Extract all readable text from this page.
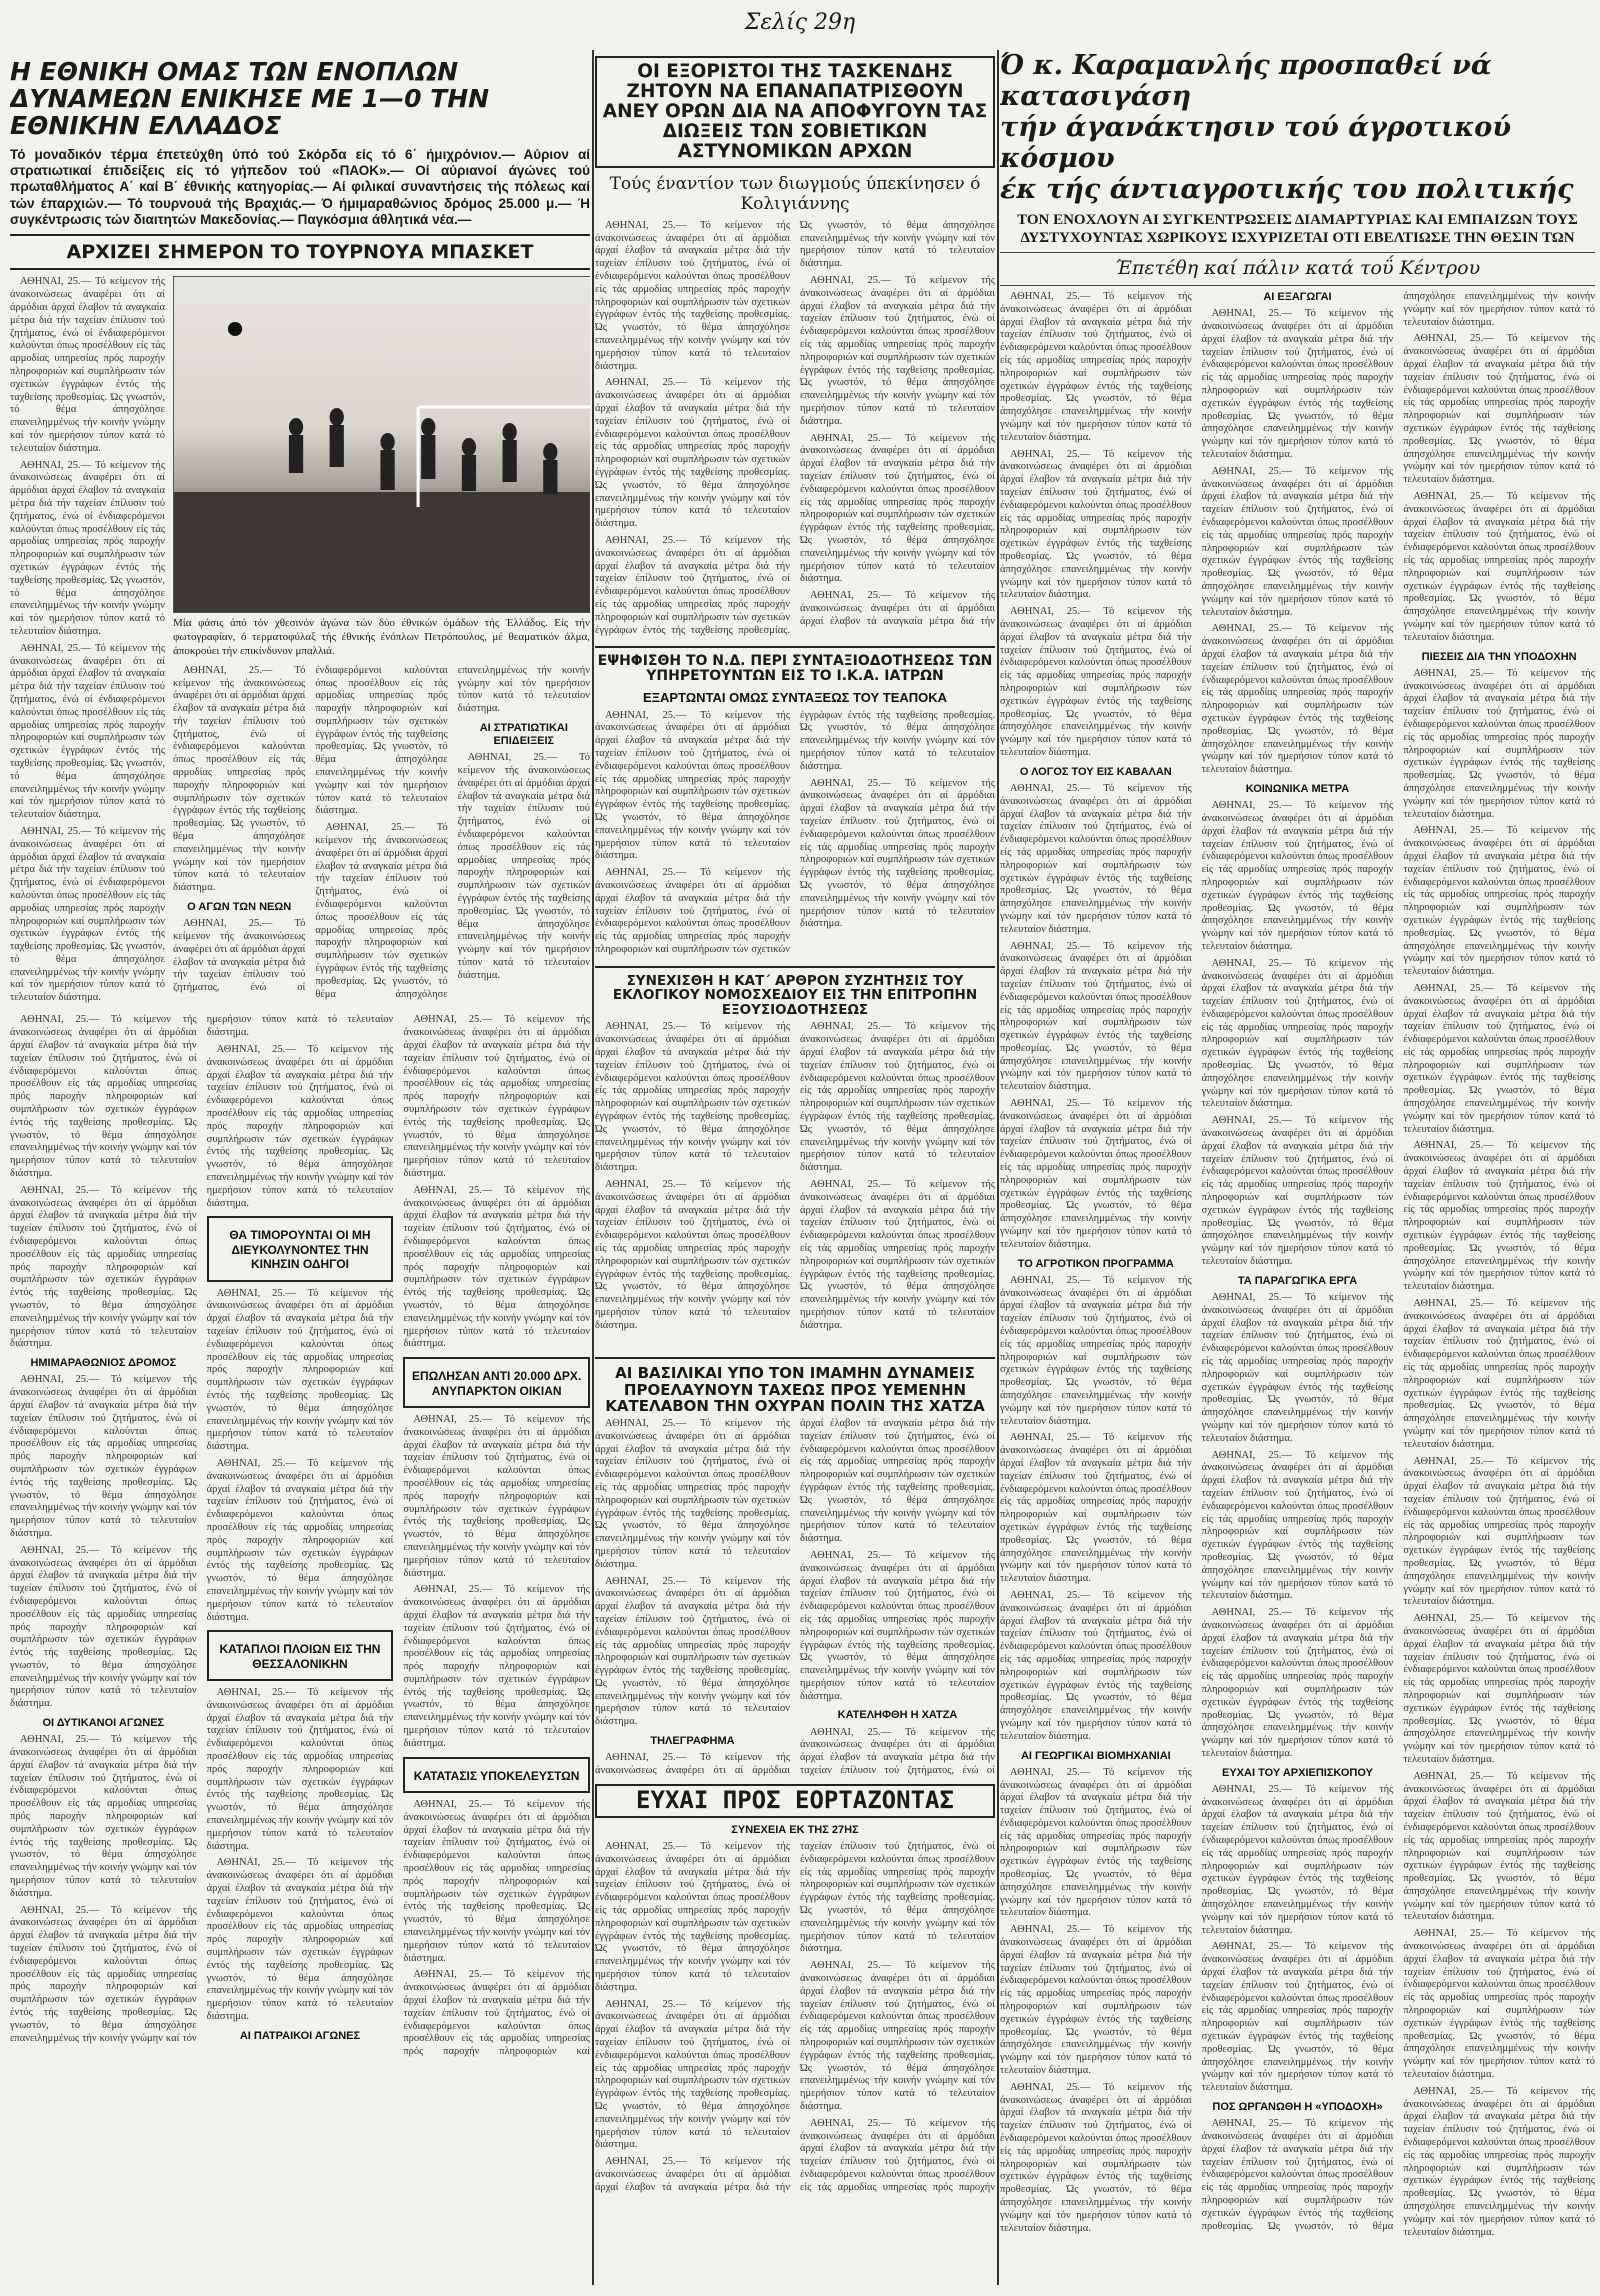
Σελίς 29η
Η ΕΘΝΙΚΗ ΟΜΑΣ ΤΩΝ ΕΝΟΠΛΩΝ ΔΥΝΑΜΕΩΝ ΕΝΙΚΗΣΕ ΜΕ 1—0 ΤΗΝ ΕΘΝΙΚΗΝ ΕΛΛΑΔΟΣ
Τό μοναδικόν τέρμα έπετεύχθη ύπό τού Σκόρδα είς τό 6΄ ήμιχρόνιον.— Αύριον αί στρατιωτικαί έπιδείξεις είς τό γήπεδον τού «ΠΑΟΚ».— Οί αύριανοί άγώνες τού πρωταθλήματος Α΄ καί Β΄ έθνικής κατηγορίας.— Αί φιλικαί συναντήσεις τής πόλεως καί τών έπαρχιών.— Τό τουρνουά τής Βραχιάς.— Ό ήμιμαραθώνιος δρόμος 25.000 μ.— Ή συγκέντρωσις τών διαιτητών Μακεδονίας.— Παγκόσμια άθλητικά νέα.—
ΑΡΧΙΖΕΙ ΣΗΜΕΡΟΝ ΤΟ ΤΟΥΡΝΟΥΑ ΜΠΑΣΚΕΤ

ΑΘΗΝΑΙ, 25.— Τό κείμενον τής άνακοινώσεως άναφέρει ότι αί άρμόδιαι άρχαί έλαβον τά αναγκαία μέτρα διά τήν ταχείαν έπίλυσιν τού ζητήματος, ένώ οί ένδιαφερόμενοι καλούνται όπως προσέλθουν είς τάς αρμοδίας υπηρεσίας πρός παροχήν πληροφοριών καί συμπλήρωσιν τών σχετικών έγγράφων έντός τής ταχθείσης προθεσμίας. Ώς γνωστόν, τό θέμα άπησχόλησε επανειλημμένως τήν κοινήν γνώμην καί τόν ημερήσιον τύπον κατά τό τελευταίον διάστημα.

ΑΘΗΝΑΙ, 25.— Τό κείμενον τής άνακοινώσεως άναφέρει ότι αί άρμόδιαι άρχαί έλαβον τά αναγκαία μέτρα διά τήν ταχείαν έπίλυσιν τού ζητήματος, ένώ οί ένδιαφερόμενοι καλούνται όπως προσέλθουν είς τάς αρμοδίας υπηρεσίας πρός παροχήν πληροφοριών καί συμπλήρωσιν τών σχετικών έγγράφων έντός τής ταχθείσης προθεσμίας. Ώς γνωστόν, τό θέμα άπησχόλησε επανειλημμένως τήν κοινήν γνώμην καί τόν ημερήσιον τύπον κατά τό τελευταίον διάστημα.

ΑΘΗΝΑΙ, 25.— Τό κείμενον τής άνακοινώσεως άναφέρει ότι αί άρμόδιαι άρχαί έλαβον τά αναγκαία μέτρα διά τήν ταχείαν έπίλυσιν τού ζητήματος, ένώ οί ένδιαφερόμενοι καλούνται όπως προσέλθουν είς τάς αρμοδίας υπηρεσίας πρός παροχήν πληροφοριών καί συμπλήρωσιν τών σχετικών έγγράφων έντός τής ταχθείσης προθεσμίας. Ώς γνωστόν, τό θέμα άπησχόλησε επανειλημμένως τήν κοινήν γνώμην καί τόν ημερήσιον τύπον κατά τό τελευταίον διάστημα.

ΑΘΗΝΑΙ, 25.— Τό κείμενον τής άνακοινώσεως άναφέρει ότι αί άρμόδιαι άρχαί έλαβον τά αναγκαία μέτρα διά τήν ταχείαν έπίλυσιν τού ζητήματος, ένώ οί ένδιαφερόμενοι καλούνται όπως προσέλθουν είς τάς αρμοδίας υπηρεσίας πρός παροχήν πληροφοριών καί συμπλήρωσιν τών σχετικών έγγράφων έντός τής ταχθείσης προθεσμίας. Ώς γνωστόν, τό θέμα άπησχόλησε επανειλημμένως τήν κοινήν γνώμην καί τόν ημερήσιον τύπον κατά τό τελευταίον διάστημα.

Μία φάσις άπό τόν χθεσινόν άγώνα τών δύο έθνικών όμάδων τής Έλλάδος. Είς τήν φωτογραφίαν, ό τερματοφύλαξ τής έθνικής ένόπλων Πετρόπουλος, μέ θεαματικόν άλμα, άποκρούει τήν επικίνδυνον μπαλλιά.

ΑΘΗΝΑΙ, 25.— Τό κείμενον τής άνακοινώσεως άναφέρει ότι αί άρμόδιαι άρχαί έλαβον τά αναγκαία μέτρα διά τήν ταχείαν έπίλυσιν τού ζητήματος, ένώ οί ένδιαφερόμενοι καλούνται όπως προσέλθουν είς τάς αρμοδίας υπηρεσίας πρός παροχήν πληροφοριών καί συμπλήρωσιν τών σχετικών έγγράφων έντός τής ταχθείσης προθεσμίας. Ώς γνωστόν, τό θέμα άπησχόλησε επανειλημμένως τήν κοινήν γνώμην καί τόν ημερήσιον τύπον κατά τό τελευταίον διάστημα.

Ο ΑΓΩΝ ΤΩΝ ΝΕΩΝ

ΑΘΗΝΑΙ, 25.— Τό κείμενον τής άνακοινώσεως άναφέρει ότι αί άρμόδιαι άρχαί έλαβον τά αναγκαία μέτρα διά τήν ταχείαν έπίλυσιν τού ζητήματος, ένώ οί ένδιαφερόμενοι καλούνται όπως προσέλθουν είς τάς αρμοδίας υπηρεσίας πρός παροχήν πληροφοριών καί συμπλήρωσιν τών σχετικών έγγράφων έντός τής ταχθείσης προθεσμίας. Ώς γνωστόν, τό θέμα άπησχόλησε επανειλημμένως τήν κοινήν γνώμην καί τόν ημερήσιον τύπον κατά τό τελευταίον διάστημα.

ΑΘΗΝΑΙ, 25.— Τό κείμενον τής άνακοινώσεως άναφέρει ότι αί άρμόδιαι άρχαί έλαβον τά αναγκαία μέτρα διά τήν ταχείαν έπίλυσιν τού ζητήματος, ένώ οί ένδιαφερόμενοι καλούνται όπως προσέλθουν είς τάς αρμοδίας υπηρεσίας πρός παροχήν πληροφοριών καί συμπλήρωσιν τών σχετικών έγγράφων έντός τής ταχθείσης προθεσμίας. Ώς γνωστόν, τό θέμα άπησχόλησε επανειλημμένως τήν κοινήν γνώμην καί τόν ημερήσιον τύπον κατά τό τελευταίον διάστημα.

ΑΙ ΣΤΡΑΤΙΩΤΙΚΑΙ ΕΠΙΔΕΙΞΕΙΣ

ΑΘΗΝΑΙ, 25.— Τό κείμενον τής άνακοινώσεως άναφέρει ότι αί άρμόδιαι άρχαί έλαβον τά αναγκαία μέτρα διά τήν ταχείαν έπίλυσιν τού ζητήματος, ένώ οί ένδιαφερόμενοι καλούνται όπως προσέλθουν είς τάς αρμοδίας υπηρεσίας πρός παροχήν πληροφοριών καί συμπλήρωσιν τών σχετικών έγγράφων έντός τής ταχθείσης προθεσμίας. Ώς γνωστόν, τό θέμα άπησχόλησε επανειλημμένως τήν κοινήν γνώμην καί τόν ημερήσιον τύπον κατά τό τελευταίον διάστημα.

ΑΘΗΝΑΙ, 25.— Τό κείμενον τής άνακοινώσεως άναφέρει ότι αί άρμόδιαι άρχαί έλαβον τά αναγκαία μέτρα διά τήν ταχείαν έπίλυσιν τού ζητήματος, ένώ οί ένδιαφερόμενοι καλούνται όπως προσέλθουν είς τάς αρμοδίας υπηρεσίας πρός παροχήν πληροφοριών καί συμπλήρωσιν τών σχετικών έγγράφων έντός τής ταχθείσης προθεσμίας. Ώς γνωστόν, τό θέμα άπησχόλησε επανειλημμένως τήν κοινήν γνώμην καί τόν ημερήσιον τύπον κατά τό τελευταίον διάστημα.

ΑΘΗΝΑΙ, 25.— Τό κείμενον τής άνακοινώσεως άναφέρει ότι αί άρμόδιαι άρχαί έλαβον τά αναγκαία μέτρα διά τήν ταχείαν έπίλυσιν τού ζητήματος, ένώ οί ένδιαφερόμενοι καλούνται όπως προσέλθουν είς τάς αρμοδίας υπηρεσίας πρός παροχήν πληροφοριών καί συμπλήρωσιν τών σχετικών έγγράφων έντός τής ταχθείσης προθεσμίας. Ώς γνωστόν, τό θέμα άπησχόλησε επανειλημμένως τήν κοινήν γνώμην καί τόν ημερήσιον τύπον κατά τό τελευταίον διάστημα.

ΗΜΙΜΑΡΑΘΩΝΙΟΣ ΔΡΟΜΟΣ

ΑΘΗΝΑΙ, 25.— Τό κείμενον τής άνακοινώσεως άναφέρει ότι αί άρμόδιαι άρχαί έλαβον τά αναγκαία μέτρα διά τήν ταχείαν έπίλυσιν τού ζητήματος, ένώ οί ένδιαφερόμενοι καλούνται όπως προσέλθουν είς τάς αρμοδίας υπηρεσίας πρός παροχήν πληροφοριών καί συμπλήρωσιν τών σχετικών έγγράφων έντός τής ταχθείσης προθεσμίας. Ώς γνωστόν, τό θέμα άπησχόλησε επανειλημμένως τήν κοινήν γνώμην καί τόν ημερήσιον τύπον κατά τό τελευταίον διάστημα.

ΑΘΗΝΑΙ, 25.— Τό κείμενον τής άνακοινώσεως άναφέρει ότι αί άρμόδιαι άρχαί έλαβον τά αναγκαία μέτρα διά τήν ταχείαν έπίλυσιν τού ζητήματος, ένώ οί ένδιαφερόμενοι καλούνται όπως προσέλθουν είς τάς αρμοδίας υπηρεσίας πρός παροχήν πληροφοριών καί συμπλήρωσιν τών σχετικών έγγράφων έντός τής ταχθείσης προθεσμίας. Ώς γνωστόν, τό θέμα άπησχόλησε επανειλημμένως τήν κοινήν γνώμην καί τόν ημερήσιον τύπον κατά τό τελευταίον διάστημα.

ΟΙ ΔΥΤΙΚΑΝΟΙ ΑΓΩΝΕΣ

ΑΘΗΝΑΙ, 25.— Τό κείμενον τής άνακοινώσεως άναφέρει ότι αί άρμόδιαι άρχαί έλαβον τά αναγκαία μέτρα διά τήν ταχείαν έπίλυσιν τού ζητήματος, ένώ οί ένδιαφερόμενοι καλούνται όπως προσέλθουν είς τάς αρμοδίας υπηρεσίας πρός παροχήν πληροφοριών καί συμπλήρωσιν τών σχετικών έγγράφων έντός τής ταχθείσης προθεσμίας. Ώς γνωστόν, τό θέμα άπησχόλησε επανειλημμένως τήν κοινήν γνώμην καί τόν ημερήσιον τύπον κατά τό τελευταίον διάστημα.

ΑΘΗΝΑΙ, 25.— Τό κείμενον τής άνακοινώσεως άναφέρει ότι αί άρμόδιαι άρχαί έλαβον τά αναγκαία μέτρα διά τήν ταχείαν έπίλυσιν τού ζητήματος, ένώ οί ένδιαφερόμενοι καλούνται όπως προσέλθουν είς τάς αρμοδίας υπηρεσίας πρός παροχήν πληροφοριών καί συμπλήρωσιν τών σχετικών έγγράφων έντός τής ταχθείσης προθεσμίας. Ώς γνωστόν, τό θέμα άπησχόλησε επανειλημμένως τήν κοινήν γνώμην καί τόν ημερήσιον τύπον κατά τό τελευταίον διάστημα.

ΑΘΗΝΑΙ, 25.— Τό κείμενον τής άνακοινώσεως άναφέρει ότι αί άρμόδιαι άρχαί έλαβον τά αναγκαία μέτρα διά τήν ταχείαν έπίλυσιν τού ζητήματος, ένώ οί ένδιαφερόμενοι καλούνται όπως προσέλθουν είς τάς αρμοδίας υπηρεσίας πρός παροχήν πληροφοριών καί συμπλήρωσιν τών σχετικών έγγράφων έντός τής ταχθείσης προθεσμίας. Ώς γνωστόν, τό θέμα άπησχόλησε επανειλημμένως τήν κοινήν γνώμην καί τόν ημερήσιον τύπον κατά τό τελευταίον διάστημα.

ΘΑ ΤΙΜΟΡΟΥΝΤΑΙ ΟΙ ΜΗ ΔΙΕΥΚΟΛΥΝΟΝΤΕΣ ΤΗΝ ΚΙΝΗΣΙΝ ΟΔΗΓΟΙ

ΑΘΗΝΑΙ, 25.— Τό κείμενον τής άνακοινώσεως άναφέρει ότι αί άρμόδιαι άρχαί έλαβον τά αναγκαία μέτρα διά τήν ταχείαν έπίλυσιν τού ζητήματος, ένώ οί ένδιαφερόμενοι καλούνται όπως προσέλθουν είς τάς αρμοδίας υπηρεσίας πρός παροχήν πληροφοριών καί συμπλήρωσιν τών σχετικών έγγράφων έντός τής ταχθείσης προθεσμίας. Ώς γνωστόν, τό θέμα άπησχόλησε επανειλημμένως τήν κοινήν γνώμην καί τόν ημερήσιον τύπον κατά τό τελευταίον διάστημα.

ΑΘΗΝΑΙ, 25.— Τό κείμενον τής άνακοινώσεως άναφέρει ότι αί άρμόδιαι άρχαί έλαβον τά αναγκαία μέτρα διά τήν ταχείαν έπίλυσιν τού ζητήματος, ένώ οί ένδιαφερόμενοι καλούνται όπως προσέλθουν είς τάς αρμοδίας υπηρεσίας πρός παροχήν πληροφοριών καί συμπλήρωσιν τών σχετικών έγγράφων έντός τής ταχθείσης προθεσμίας. Ώς γνωστόν, τό θέμα άπησχόλησε επανειλημμένως τήν κοινήν γνώμην καί τόν ημερήσιον τύπον κατά τό τελευταίον διάστημα.

ΚΑΤΑΠΛΟΙ ΠΛΟΙΩΝ ΕΙΣ ΤΗΝ ΘΕΣΣΑΛΟΝΙΚΗΝ

ΑΘΗΝΑΙ, 25.— Τό κείμενον τής άνακοινώσεως άναφέρει ότι αί άρμόδιαι άρχαί έλαβον τά αναγκαία μέτρα διά τήν ταχείαν έπίλυσιν τού ζητήματος, ένώ οί ένδιαφερόμενοι καλούνται όπως προσέλθουν είς τάς αρμοδίας υπηρεσίας πρός παροχήν πληροφοριών καί συμπλήρωσιν τών σχετικών έγγράφων έντός τής ταχθείσης προθεσμίας. Ώς γνωστόν, τό θέμα άπησχόλησε επανειλημμένως τήν κοινήν γνώμην καί τόν ημερήσιον τύπον κατά τό τελευταίον διάστημα.

ΑΘΗΝΑΙ, 25.— Τό κείμενον τής άνακοινώσεως άναφέρει ότι αί άρμόδιαι άρχαί έλαβον τά αναγκαία μέτρα διά τήν ταχείαν έπίλυσιν τού ζητήματος, ένώ οί ένδιαφερόμενοι καλούνται όπως προσέλθουν είς τάς αρμοδίας υπηρεσίας πρός παροχήν πληροφοριών καί συμπλήρωσιν τών σχετικών έγγράφων έντός τής ταχθείσης προθεσμίας. Ώς γνωστόν, τό θέμα άπησχόλησε επανειλημμένως τήν κοινήν γνώμην καί τόν ημερήσιον τύπον κατά τό τελευταίον διάστημα.

ΑΙ ΠΑΤΡΑΙΚΟΙ ΑΓΩΝΕΣ

ΑΘΗΝΑΙ, 25.— Τό κείμενον τής άνακοινώσεως άναφέρει ότι αί άρμόδιαι άρχαί έλαβον τά αναγκαία μέτρα διά τήν ταχείαν έπίλυσιν τού ζητήματος, ένώ οί ένδιαφερόμενοι καλούνται όπως προσέλθουν είς τάς αρμοδίας υπηρεσίας πρός παροχήν πληροφοριών καί συμπλήρωσιν τών σχετικών έγγράφων έντός τής ταχθείσης προθεσμίας. Ώς γνωστόν, τό θέμα άπησχόλησε επανειλημμένως τήν κοινήν γνώμην καί τόν ημερήσιον τύπον κατά τό τελευταίον διάστημα.

ΑΘΗΝΑΙ, 25.— Τό κείμενον τής άνακοινώσεως άναφέρει ότι αί άρμόδιαι άρχαί έλαβον τά αναγκαία μέτρα διά τήν ταχείαν έπίλυσιν τού ζητήματος, ένώ οί ένδιαφερόμενοι καλούνται όπως προσέλθουν είς τάς αρμοδίας υπηρεσίας πρός παροχήν πληροφοριών καί συμπλήρωσιν τών σχετικών έγγράφων έντός τής ταχθείσης προθεσμίας. Ώς γνωστόν, τό θέμα άπησχόλησε επανειλημμένως τήν κοινήν γνώμην καί τόν ημερήσιον τύπον κατά τό τελευταίον διάστημα.

ΕΠΩΛΗΣΑΝ ΑΝΤΙ 20.000 ΔΡΧ. ΑΝΥΠΑΡΚΤΟΝ ΟΙΚΙΑΝ

ΑΘΗΝΑΙ, 25.— Τό κείμενον τής άνακοινώσεως άναφέρει ότι αί άρμόδιαι άρχαί έλαβον τά αναγκαία μέτρα διά τήν ταχείαν έπίλυσιν τού ζητήματος, ένώ οί ένδιαφερόμενοι καλούνται όπως προσέλθουν είς τάς αρμοδίας υπηρεσίας πρός παροχήν πληροφοριών καί συμπλήρωσιν τών σχετικών έγγράφων έντός τής ταχθείσης προθεσμίας. Ώς γνωστόν, τό θέμα άπησχόλησε επανειλημμένως τήν κοινήν γνώμην καί τόν ημερήσιον τύπον κατά τό τελευταίον διάστημα.

ΑΘΗΝΑΙ, 25.— Τό κείμενον τής άνακοινώσεως άναφέρει ότι αί άρμόδιαι άρχαί έλαβον τά αναγκαία μέτρα διά τήν ταχείαν έπίλυσιν τού ζητήματος, ένώ οί ένδιαφερόμενοι καλούνται όπως προσέλθουν είς τάς αρμοδίας υπηρεσίας πρός παροχήν πληροφοριών καί συμπλήρωσιν τών σχετικών έγγράφων έντός τής ταχθείσης προθεσμίας. Ώς γνωστόν, τό θέμα άπησχόλησε επανειλημμένως τήν κοινήν γνώμην καί τόν ημερήσιον τύπον κατά τό τελευταίον διάστημα.

ΚΑΤΑΤΑΣΙΣ ΥΠΟΚΕΛΕΥΣΤΩΝ

ΑΘΗΝΑΙ, 25.— Τό κείμενον τής άνακοινώσεως άναφέρει ότι αί άρμόδιαι άρχαί έλαβον τά αναγκαία μέτρα διά τήν ταχείαν έπίλυσιν τού ζητήματος, ένώ οί ένδιαφερόμενοι καλούνται όπως προσέλθουν είς τάς αρμοδίας υπηρεσίας πρός παροχήν πληροφοριών καί συμπλήρωσιν τών σχετικών έγγράφων έντός τής ταχθείσης προθεσμίας. Ώς γνωστόν, τό θέμα άπησχόλησε επανειλημμένως τήν κοινήν γνώμην καί τόν ημερήσιον τύπον κατά τό τελευταίον διάστημα.

ΑΘΗΝΑΙ, 25.— Τό κείμενον τής άνακοινώσεως άναφέρει ότι αί άρμόδιαι άρχαί έλαβον τά αναγκαία μέτρα διά τήν ταχείαν έπίλυσιν τού ζητήματος, ένώ οί ένδιαφερόμενοι καλούνται όπως προσέλθουν είς τάς αρμοδίας υπηρεσίας πρός παροχήν πληροφοριών καί

ΟΙ ΕΞΟΡΙΣΤΟΙ ΤΗΣ ΤΑΣΚΕΝΔΗΣ ΖΗΤΟΥΝ ΝΑ ΕΠΑΝΑΠΑΤΡΙΣΘΟΥΝ ΑΝΕΥ ΟΡΩΝ ΔΙΑ ΝΑ ΑΠΟΦΥΓΟΥΝ ΤΑΣ ΔΙΩΞΕΙΣ ΤΩΝ ΣΟΒΙΕΤΙΚΩΝ ΑΣΤΥΝΟΜΙΚΩΝ ΑΡΧΩΝ
Τούς έναντίον των διωγμούς ύπεκίνησεν ό Κολιγιάννης

ΑΘΗΝΑΙ, 25.— Τό κείμενον τής άνακοινώσεως άναφέρει ότι αί άρμόδιαι άρχαί έλαβον τά αναγκαία μέτρα διά τήν ταχείαν έπίλυσιν τού ζητήματος, ένώ οί ένδιαφερόμενοι καλούνται όπως προσέλθουν είς τάς αρμοδίας υπηρεσίας πρός παροχήν πληροφοριών καί συμπλήρωσιν τών σχετικών έγγράφων έντός τής ταχθείσης προθεσμίας. Ώς γνωστόν, τό θέμα άπησχόλησε επανειλημμένως τήν κοινήν γνώμην καί τόν ημερήσιον τύπον κατά τό τελευταίον διάστημα.

ΑΘΗΝΑΙ, 25.— Τό κείμενον τής άνακοινώσεως άναφέρει ότι αί άρμόδιαι άρχαί έλαβον τά αναγκαία μέτρα διά τήν ταχείαν έπίλυσιν τού ζητήματος, ένώ οί ένδιαφερόμενοι καλούνται όπως προσέλθουν είς τάς αρμοδίας υπηρεσίας πρός παροχήν πληροφοριών καί συμπλήρωσιν τών σχετικών έγγράφων έντός τής ταχθείσης προθεσμίας. Ώς γνωστόν, τό θέμα άπησχόλησε επανειλημμένως τήν κοινήν γνώμην καί τόν ημερήσιον τύπον κατά τό τελευταίον διάστημα.

ΑΘΗΝΑΙ, 25.— Τό κείμενον τής άνακοινώσεως άναφέρει ότι αί άρμόδιαι άρχαί έλαβον τά αναγκαία μέτρα διά τήν ταχείαν έπίλυσιν τού ζητήματος, ένώ οί ένδιαφερόμενοι καλούνται όπως προσέλθουν είς τάς αρμοδίας υπηρεσίας πρός παροχήν πληροφοριών καί συμπλήρωσιν τών σχετικών έγγράφων έντός τής ταχθείσης προθεσμίας. Ώς γνωστόν, τό θέμα άπησχόλησε επανειλημμένως τήν κοινήν γνώμην καί τόν ημερήσιον τύπον κατά τό τελευταίον διάστημα.

ΑΘΗΝΑΙ, 25.— Τό κείμενον τής άνακοινώσεως άναφέρει ότι αί άρμόδιαι άρχαί έλαβον τά αναγκαία μέτρα διά τήν ταχείαν έπίλυσιν τού ζητήματος, ένώ οί ένδιαφερόμενοι καλούνται όπως προσέλθουν είς τάς αρμοδίας υπηρεσίας πρός παροχήν πληροφοριών καί συμπλήρωσιν τών σχετικών έγγράφων έντός τής ταχθείσης προθεσμίας. Ώς γνωστόν, τό θέμα άπησχόλησε επανειλημμένως τήν κοινήν γνώμην καί τόν ημερήσιον τύπον κατά τό τελευταίον διάστημα.

ΑΘΗΝΑΙ, 25.— Τό κείμενον τής άνακοινώσεως άναφέρει ότι αί άρμόδιαι άρχαί έλαβον τά αναγκαία μέτρα διά τήν ταχείαν έπίλυσιν τού ζητήματος, ένώ οί ένδιαφερόμενοι καλούνται όπως προσέλθουν είς τάς αρμοδίας υπηρεσίας πρός παροχήν πληροφοριών καί συμπλήρωσιν τών σχετικών έγγράφων έντός τής ταχθείσης προθεσμίας. Ώς γνωστόν, τό θέμα άπησχόλησε επανειλημμένως τήν κοινήν γνώμην καί τόν ημερήσιον τύπον κατά τό τελευταίον διάστημα.

ΑΘΗΝΑΙ, 25.— Τό κείμενον τής άνακοινώσεως άναφέρει ότι αί άρμόδιαι άρχαί έλαβον τά αναγκαία μέτρα διά τήν

ΕΨΗΦΙΣΘΗ ΤΟ Ν.Δ. ΠΕΡΙ ΣΥΝΤΑΞΙΟΔΟΤΗΣΕΩΣ ΤΩΝ ΥΠΗΡΕΤΟΥΝΤΩΝ ΕΙΣ ΤΟ Ι.Κ.Α. ΙΑΤΡΩΝ
ΕΞΑΡΤΩΝΤΑΙ ΟΜΩΣ ΣΥΝΤΑΞΕΩΣ ΤΟΥ ΤΕΑΠΟΚΑ

ΑΘΗΝΑΙ, 25.— Τό κείμενον τής άνακοινώσεως άναφέρει ότι αί άρμόδιαι άρχαί έλαβον τά αναγκαία μέτρα διά τήν ταχείαν έπίλυσιν τού ζητήματος, ένώ οί ένδιαφερόμενοι καλούνται όπως προσέλθουν είς τάς αρμοδίας υπηρεσίας πρός παροχήν πληροφοριών καί συμπλήρωσιν τών σχετικών έγγράφων έντός τής ταχθείσης προθεσμίας. Ώς γνωστόν, τό θέμα άπησχόλησε επανειλημμένως τήν κοινήν γνώμην καί τόν ημερήσιον τύπον κατά τό τελευταίον διάστημα.

ΑΘΗΝΑΙ, 25.— Τό κείμενον τής άνακοινώσεως άναφέρει ότι αί άρμόδιαι άρχαί έλαβον τά αναγκαία μέτρα διά τήν ταχείαν έπίλυσιν τού ζητήματος, ένώ οί ένδιαφερόμενοι καλούνται όπως προσέλθουν είς τάς αρμοδίας υπηρεσίας πρός παροχήν πληροφοριών καί συμπλήρωσιν τών σχετικών έγγράφων έντός τής ταχθείσης προθεσμίας. Ώς γνωστόν, τό θέμα άπησχόλησε επανειλημμένως τήν κοινήν γνώμην καί τόν ημερήσιον τύπον κατά τό τελευταίον διάστημα.

ΑΘΗΝΑΙ, 25.— Τό κείμενον τής άνακοινώσεως άναφέρει ότι αί άρμόδιαι άρχαί έλαβον τά αναγκαία μέτρα διά τήν ταχείαν έπίλυσιν τού ζητήματος, ένώ οί ένδιαφερόμενοι καλούνται όπως προσέλθουν είς τάς αρμοδίας υπηρεσίας πρός παροχήν πληροφοριών καί συμπλήρωσιν τών σχετικών έγγράφων έντός τής ταχθείσης προθεσμίας. Ώς γνωστόν, τό θέμα άπησχόλησε επανειλημμένως τήν κοινήν γνώμην καί τόν ημερήσιον τύπον κατά τό τελευταίον διάστημα.

ΣΥΝΕΧΙΣΘΗ Η ΚΑΤ΄ ΑΡΘΡΟΝ ΣΥΖΗΤΗΣΙΣ ΤΟΥ ΕΚΛΟΓΙΚΟΥ ΝΟΜΟΣΧΕΔΙΟΥ ΕΙΣ ΤΗΝ ΕΠΙΤΡΟΠΗΝ ΕΞΟΥΣΙΟΔΟΤΗΣΕΩΣ

ΑΘΗΝΑΙ, 25.— Τό κείμενον τής άνακοινώσεως άναφέρει ότι αί άρμόδιαι άρχαί έλαβον τά αναγκαία μέτρα διά τήν ταχείαν έπίλυσιν τού ζητήματος, ένώ οί ένδιαφερόμενοι καλούνται όπως προσέλθουν είς τάς αρμοδίας υπηρεσίας πρός παροχήν πληροφοριών καί συμπλήρωσιν τών σχετικών έγγράφων έντός τής ταχθείσης προθεσμίας. Ώς γνωστόν, τό θέμα άπησχόλησε επανειλημμένως τήν κοινήν γνώμην καί τόν ημερήσιον τύπον κατά τό τελευταίον διάστημα.

ΑΘΗΝΑΙ, 25.— Τό κείμενον τής άνακοινώσεως άναφέρει ότι αί άρμόδιαι άρχαί έλαβον τά αναγκαία μέτρα διά τήν ταχείαν έπίλυσιν τού ζητήματος, ένώ οί ένδιαφερόμενοι καλούνται όπως προσέλθουν είς τάς αρμοδίας υπηρεσίας πρός παροχήν πληροφοριών καί συμπλήρωσιν τών σχετικών έγγράφων έντός τής ταχθείσης προθεσμίας. Ώς γνωστόν, τό θέμα άπησχόλησε επανειλημμένως τήν κοινήν γνώμην καί τόν ημερήσιον τύπον κατά τό τελευταίον διάστημα.

ΑΘΗΝΑΙ, 25.— Τό κείμενον τής άνακοινώσεως άναφέρει ότι αί άρμόδιαι άρχαί έλαβον τά αναγκαία μέτρα διά τήν ταχείαν έπίλυσιν τού ζητήματος, ένώ οί ένδιαφερόμενοι καλούνται όπως προσέλθουν είς τάς αρμοδίας υπηρεσίας πρός παροχήν πληροφοριών καί συμπλήρωσιν τών σχετικών έγγράφων έντός τής ταχθείσης προθεσμίας. Ώς γνωστόν, τό θέμα άπησχόλησε επανειλημμένως τήν κοινήν γνώμην καί τόν ημερήσιον τύπον κατά τό τελευταίον διάστημα.

ΑΘΗΝΑΙ, 25.— Τό κείμενον τής άνακοινώσεως άναφέρει ότι αί άρμόδιαι άρχαί έλαβον τά αναγκαία μέτρα διά τήν ταχείαν έπίλυσιν τού ζητήματος, ένώ οί ένδιαφερόμενοι καλούνται όπως προσέλθουν είς τάς αρμοδίας υπηρεσίας πρός παροχήν πληροφοριών καί συμπλήρωσιν τών σχετικών έγγράφων έντός τής ταχθείσης προθεσμίας. Ώς γνωστόν, τό θέμα άπησχόλησε επανειλημμένως τήν κοινήν γνώμην καί τόν ημερήσιον τύπον κατά τό τελευταίον διάστημα.

ΑΙ ΒΑΣΙΛΙΚΑΙ ΥΠΟ ΤΟΝ ΙΜΑΜΗΝ ΔΥΝΑΜΕΙΣ ΠΡΟΕΛΑΥΝΟΥΝ ΤΑΧΕΩΣ ΠΡΟΣ ΥΕΜΕΝΗΝ ΚΑΤΕΛΑΒΟΝ ΤΗΝ ΟΧΥΡΑΝ ΠΟΛΙΝ ΤΗΣ ΧΑΤΖΑ

ΑΘΗΝΑΙ, 25.— Τό κείμενον τής άνακοινώσεως άναφέρει ότι αί άρμόδιαι άρχαί έλαβον τά αναγκαία μέτρα διά τήν ταχείαν έπίλυσιν τού ζητήματος, ένώ οί ένδιαφερόμενοι καλούνται όπως προσέλθουν είς τάς αρμοδίας υπηρεσίας πρός παροχήν πληροφοριών καί συμπλήρωσιν τών σχετικών έγγράφων έντός τής ταχθείσης προθεσμίας. Ώς γνωστόν, τό θέμα άπησχόλησε επανειλημμένως τήν κοινήν γνώμην καί τόν ημερήσιον τύπον κατά τό τελευταίον διάστημα.

ΑΘΗΝΑΙ, 25.— Τό κείμενον τής άνακοινώσεως άναφέρει ότι αί άρμόδιαι άρχαί έλαβον τά αναγκαία μέτρα διά τήν ταχείαν έπίλυσιν τού ζητήματος, ένώ οί ένδιαφερόμενοι καλούνται όπως προσέλθουν είς τάς αρμοδίας υπηρεσίας πρός παροχήν πληροφοριών καί συμπλήρωσιν τών σχετικών έγγράφων έντός τής ταχθείσης προθεσμίας. Ώς γνωστόν, τό θέμα άπησχόλησε επανειλημμένως τήν κοινήν γνώμην καί τόν ημερήσιον τύπον κατά τό τελευταίον διάστημα.

ΤΗΛΕΓΡΑΦΗΜΑ

ΑΘΗΝΑΙ, 25.— Τό κείμενον τής άνακοινώσεως άναφέρει ότι αί άρμόδιαι άρχαί έλαβον τά αναγκαία μέτρα διά τήν ταχείαν έπίλυσιν τού ζητήματος, ένώ οί ένδιαφερόμενοι καλούνται όπως προσέλθουν είς τάς αρμοδίας υπηρεσίας πρός παροχήν πληροφοριών καί συμπλήρωσιν τών σχετικών έγγράφων έντός τής ταχθείσης προθεσμίας. Ώς γνωστόν, τό θέμα άπησχόλησε επανειλημμένως τήν κοινήν γνώμην καί τόν ημερήσιον τύπον κατά τό τελευταίον διάστημα.

ΑΘΗΝΑΙ, 25.— Τό κείμενον τής άνακοινώσεως άναφέρει ότι αί άρμόδιαι άρχαί έλαβον τά αναγκαία μέτρα διά τήν ταχείαν έπίλυσιν τού ζητήματος, ένώ οί ένδιαφερόμενοι καλούνται όπως προσέλθουν είς τάς αρμοδίας υπηρεσίας πρός παροχήν πληροφοριών καί συμπλήρωσιν τών σχετικών έγγράφων έντός τής ταχθείσης προθεσμίας. Ώς γνωστόν, τό θέμα άπησχόλησε επανειλημμένως τήν κοινήν γνώμην καί τόν ημερήσιον τύπον κατά τό τελευταίον διάστημα.

ΚΑΤΕΛΗΦΘΗ Η ΧΑΤΖΑ

ΑΘΗΝΑΙ, 25.— Τό κείμενον τής άνακοινώσεως άναφέρει ότι αί άρμόδιαι άρχαί έλαβον τά αναγκαία μέτρα διά τήν ταχείαν έπίλυσιν τού ζητήματος, ένώ οί

ΕΥΧΑΙ ΠΡΟΣ ΕΟΡΤΑΖΟΝΤΑΣ
ΣΥΝΕΧΕΙΑ ΕΚ ΤΗΣ 27ΗΣ

ΑΘΗΝΑΙ, 25.— Τό κείμενον τής άνακοινώσεως άναφέρει ότι αί άρμόδιαι άρχαί έλαβον τά αναγκαία μέτρα διά τήν ταχείαν έπίλυσιν τού ζητήματος, ένώ οί ένδιαφερόμενοι καλούνται όπως προσέλθουν είς τάς αρμοδίας υπηρεσίας πρός παροχήν πληροφοριών καί συμπλήρωσιν τών σχετικών έγγράφων έντός τής ταχθείσης προθεσμίας. Ώς γνωστόν, τό θέμα άπησχόλησε επανειλημμένως τήν κοινήν γνώμην καί τόν ημερήσιον τύπον κατά τό τελευταίον διάστημα.

ΑΘΗΝΑΙ, 25.— Τό κείμενον τής άνακοινώσεως άναφέρει ότι αί άρμόδιαι άρχαί έλαβον τά αναγκαία μέτρα διά τήν ταχείαν έπίλυσιν τού ζητήματος, ένώ οί ένδιαφερόμενοι καλούνται όπως προσέλθουν είς τάς αρμοδίας υπηρεσίας πρός παροχήν πληροφοριών καί συμπλήρωσιν τών σχετικών έγγράφων έντός τής ταχθείσης προθεσμίας. Ώς γνωστόν, τό θέμα άπησχόλησε επανειλημμένως τήν κοινήν γνώμην καί τόν ημερήσιον τύπον κατά τό τελευταίον διάστημα.

ΑΘΗΝΑΙ, 25.— Τό κείμενον τής άνακοινώσεως άναφέρει ότι αί άρμόδιαι άρχαί έλαβον τά αναγκαία μέτρα διά τήν ταχείαν έπίλυσιν τού ζητήματος, ένώ οί ένδιαφερόμενοι καλούνται όπως προσέλθουν είς τάς αρμοδίας υπηρεσίας πρός παροχήν πληροφοριών καί συμπλήρωσιν τών σχετικών έγγράφων έντός τής ταχθείσης προθεσμίας. Ώς γνωστόν, τό θέμα άπησχόλησε επανειλημμένως τήν κοινήν γνώμην καί τόν ημερήσιον τύπον κατά τό τελευταίον διάστημα.

ΑΘΗΝΑΙ, 25.— Τό κείμενον τής άνακοινώσεως άναφέρει ότι αί άρμόδιαι άρχαί έλαβον τά αναγκαία μέτρα διά τήν ταχείαν έπίλυσιν τού ζητήματος, ένώ οί ένδιαφερόμενοι καλούνται όπως προσέλθουν είς τάς αρμοδίας υπηρεσίας πρός παροχήν πληροφοριών καί συμπλήρωσιν τών σχετικών έγγράφων έντός τής ταχθείσης προθεσμίας. Ώς γνωστόν, τό θέμα άπησχόλησε επανειλημμένως τήν κοινήν γνώμην καί τόν ημερήσιον τύπον κατά τό τελευταίον διάστημα.

ΑΘΗΝΑΙ, 25.— Τό κείμενον τής άνακοινώσεως άναφέρει ότι αί άρμόδιαι άρχαί έλαβον τά αναγκαία μέτρα διά τήν ταχείαν έπίλυσιν τού ζητήματος, ένώ οί ένδιαφερόμενοι καλούνται όπως προσέλθουν είς τάς αρμοδίας υπηρεσίας πρός παροχήν

Ό κ. Καραμανλής προσπαθεί νά κατασιγάση
τήν άγανάκτησιν τού άγροτικού κόσμου
έκ τής άντιαγροτικής του πολιτικής
ΤΟΝ ΕΝΟΧΛΟΥΝ ΑΙ ΣΥΓΚΕΝΤΡΩΣΕΙΣ ΔΙΑΜΑΡΤΥΡΙΑΣ ΚΑΙ ΕΜΠΑΙΖΩΝ ΤΟΥΣ ΔΥΣΤΥΧΟΥΝΤΑΣ ΧΩΡΙΚΟΥΣ ΙΣΧΥΡΙΖΕΤΑΙ ΟΤΙ ΕΒΕΛΤΙΩΣΕ ΤΗΝ ΘΕΣΙΝ ΤΩΝ
Έπετέθη καί πάλιν κατά τοΰ Κέντρου

ΑΘΗΝΑΙ, 25.— Τό κείμενον τής άνακοινώσεως άναφέρει ότι αί άρμόδιαι άρχαί έλαβον τά αναγκαία μέτρα διά τήν ταχείαν έπίλυσιν τού ζητήματος, ένώ οί ένδιαφερόμενοι καλούνται όπως προσέλθουν είς τάς αρμοδίας υπηρεσίας πρός παροχήν πληροφοριών καί συμπλήρωσιν τών σχετικών έγγράφων έντός τής ταχθείσης προθεσμίας. Ώς γνωστόν, τό θέμα άπησχόλησε επανειλημμένως τήν κοινήν γνώμην καί τόν ημερήσιον τύπον κατά τό τελευταίον διάστημα.

ΑΘΗΝΑΙ, 25.— Τό κείμενον τής άνακοινώσεως άναφέρει ότι αί άρμόδιαι άρχαί έλαβον τά αναγκαία μέτρα διά τήν ταχείαν έπίλυσιν τού ζητήματος, ένώ οί ένδιαφερόμενοι καλούνται όπως προσέλθουν είς τάς αρμοδίας υπηρεσίας πρός παροχήν πληροφοριών καί συμπλήρωσιν τών σχετικών έγγράφων έντός τής ταχθείσης προθεσμίας. Ώς γνωστόν, τό θέμα άπησχόλησε επανειλημμένως τήν κοινήν γνώμην καί τόν ημερήσιον τύπον κατά τό τελευταίον διάστημα.

ΑΘΗΝΑΙ, 25.— Τό κείμενον τής άνακοινώσεως άναφέρει ότι αί άρμόδιαι άρχαί έλαβον τά αναγκαία μέτρα διά τήν ταχείαν έπίλυσιν τού ζητήματος, ένώ οί ένδιαφερόμενοι καλούνται όπως προσέλθουν είς τάς αρμοδίας υπηρεσίας πρός παροχήν πληροφοριών καί συμπλήρωσιν τών σχετικών έγγράφων έντός τής ταχθείσης προθεσμίας. Ώς γνωστόν, τό θέμα άπησχόλησε επανειλημμένως τήν κοινήν γνώμην καί τόν ημερήσιον τύπον κατά τό τελευταίον διάστημα.

Ο ΛΟΓΟΣ ΤΟΥ ΕΙΣ ΚΑΒΑΛΑΝ

ΑΘΗΝΑΙ, 25.— Τό κείμενον τής άνακοινώσεως άναφέρει ότι αί άρμόδιαι άρχαί έλαβον τά αναγκαία μέτρα διά τήν ταχείαν έπίλυσιν τού ζητήματος, ένώ οί ένδιαφερόμενοι καλούνται όπως προσέλθουν είς τάς αρμοδίας υπηρεσίας πρός παροχήν πληροφοριών καί συμπλήρωσιν τών σχετικών έγγράφων έντός τής ταχθείσης προθεσμίας. Ώς γνωστόν, τό θέμα άπησχόλησε επανειλημμένως τήν κοινήν γνώμην καί τόν ημερήσιον τύπον κατά τό τελευταίον διάστημα.

ΑΘΗΝΑΙ, 25.— Τό κείμενον τής άνακοινώσεως άναφέρει ότι αί άρμόδιαι άρχαί έλαβον τά αναγκαία μέτρα διά τήν ταχείαν έπίλυσιν τού ζητήματος, ένώ οί ένδιαφερόμενοι καλούνται όπως προσέλθουν είς τάς αρμοδίας υπηρεσίας πρός παροχήν πληροφοριών καί συμπλήρωσιν τών σχετικών έγγράφων έντός τής ταχθείσης προθεσμίας. Ώς γνωστόν, τό θέμα άπησχόλησε επανειλημμένως τήν κοινήν γνώμην καί τόν ημερήσιον τύπον κατά τό τελευταίον διάστημα.

ΑΘΗΝΑΙ, 25.— Τό κείμενον τής άνακοινώσεως άναφέρει ότι αί άρμόδιαι άρχαί έλαβον τά αναγκαία μέτρα διά τήν ταχείαν έπίλυσιν τού ζητήματος, ένώ οί ένδιαφερόμενοι καλούνται όπως προσέλθουν είς τάς αρμοδίας υπηρεσίας πρός παροχήν πληροφοριών καί συμπλήρωσιν τών σχετικών έγγράφων έντός τής ταχθείσης προθεσμίας. Ώς γνωστόν, τό θέμα άπησχόλησε επανειλημμένως τήν κοινήν γνώμην καί τόν ημερήσιον τύπον κατά τό τελευταίον διάστημα.

ΤΟ ΑΓΡΟΤΙΚΟΝ ΠΡΟΓΡΑΜΜΑ

ΑΘΗΝΑΙ, 25.— Τό κείμενον τής άνακοινώσεως άναφέρει ότι αί άρμόδιαι άρχαί έλαβον τά αναγκαία μέτρα διά τήν ταχείαν έπίλυσιν τού ζητήματος, ένώ οί ένδιαφερόμενοι καλούνται όπως προσέλθουν είς τάς αρμοδίας υπηρεσίας πρός παροχήν πληροφοριών καί συμπλήρωσιν τών σχετικών έγγράφων έντός τής ταχθείσης προθεσμίας. Ώς γνωστόν, τό θέμα άπησχόλησε επανειλημμένως τήν κοινήν γνώμην καί τόν ημερήσιον τύπον κατά τό τελευταίον διάστημα.

ΑΘΗΝΑΙ, 25.— Τό κείμενον τής άνακοινώσεως άναφέρει ότι αί άρμόδιαι άρχαί έλαβον τά αναγκαία μέτρα διά τήν ταχείαν έπίλυσιν τού ζητήματος, ένώ οί ένδιαφερόμενοι καλούνται όπως προσέλθουν είς τάς αρμοδίας υπηρεσίας πρός παροχήν πληροφοριών καί συμπλήρωσιν τών σχετικών έγγράφων έντός τής ταχθείσης προθεσμίας. Ώς γνωστόν, τό θέμα άπησχόλησε επανειλημμένως τήν κοινήν γνώμην καί τόν ημερήσιον τύπον κατά τό τελευταίον διάστημα.

ΑΘΗΝΑΙ, 25.— Τό κείμενον τής άνακοινώσεως άναφέρει ότι αί άρμόδιαι άρχαί έλαβον τά αναγκαία μέτρα διά τήν ταχείαν έπίλυσιν τού ζητήματος, ένώ οί ένδιαφερόμενοι καλούνται όπως προσέλθουν είς τάς αρμοδίας υπηρεσίας πρός παροχήν πληροφοριών καί συμπλήρωσιν τών σχετικών έγγράφων έντός τής ταχθείσης προθεσμίας. Ώς γνωστόν, τό θέμα άπησχόλησε επανειλημμένως τήν κοινήν γνώμην καί τόν ημερήσιον τύπον κατά τό τελευταίον διάστημα.

ΑΙ ΓΕΩΡΓΙΚΑΙ ΒΙΟΜΗΧΑΝΙΑΙ

ΑΘΗΝΑΙ, 25.— Τό κείμενον τής άνακοινώσεως άναφέρει ότι αί άρμόδιαι άρχαί έλαβον τά αναγκαία μέτρα διά τήν ταχείαν έπίλυσιν τού ζητήματος, ένώ οί ένδιαφερόμενοι καλούνται όπως προσέλθουν είς τάς αρμοδίας υπηρεσίας πρός παροχήν πληροφοριών καί συμπλήρωσιν τών σχετικών έγγράφων έντός τής ταχθείσης προθεσμίας. Ώς γνωστόν, τό θέμα άπησχόλησε επανειλημμένως τήν κοινήν γνώμην καί τόν ημερήσιον τύπον κατά τό τελευταίον διάστημα.

ΑΘΗΝΑΙ, 25.— Τό κείμενον τής άνακοινώσεως άναφέρει ότι αί άρμόδιαι άρχαί έλαβον τά αναγκαία μέτρα διά τήν ταχείαν έπίλυσιν τού ζητήματος, ένώ οί ένδιαφερόμενοι καλούνται όπως προσέλθουν είς τάς αρμοδίας υπηρεσίας πρός παροχήν πληροφοριών καί συμπλήρωσιν τών σχετικών έγγράφων έντός τής ταχθείσης προθεσμίας. Ώς γνωστόν, τό θέμα άπησχόλησε επανειλημμένως τήν κοινήν γνώμην καί τόν ημερήσιον τύπον κατά τό τελευταίον διάστημα.

ΑΘΗΝΑΙ, 25.— Τό κείμενον τής άνακοινώσεως άναφέρει ότι αί άρμόδιαι άρχαί έλαβον τά αναγκαία μέτρα διά τήν ταχείαν έπίλυσιν τού ζητήματος, ένώ οί ένδιαφερόμενοι καλούνται όπως προσέλθουν είς τάς αρμοδίας υπηρεσίας πρός παροχήν πληροφοριών καί συμπλήρωσιν τών σχετικών έγγράφων έντός τής ταχθείσης προθεσμίας. Ώς γνωστόν, τό θέμα άπησχόλησε επανειλημμένως τήν κοινήν γνώμην καί τόν ημερήσιον τύπον κατά τό τελευταίον διάστημα.

ΑΙ ΕΞΑΓΩΓΑΙ

ΑΘΗΝΑΙ, 25.— Τό κείμενον τής άνακοινώσεως άναφέρει ότι αί άρμόδιαι άρχαί έλαβον τά αναγκαία μέτρα διά τήν ταχείαν έπίλυσιν τού ζητήματος, ένώ οί ένδιαφερόμενοι καλούνται όπως προσέλθουν είς τάς αρμοδίας υπηρεσίας πρός παροχήν πληροφοριών καί συμπλήρωσιν τών σχετικών έγγράφων έντός τής ταχθείσης προθεσμίας. Ώς γνωστόν, τό θέμα άπησχόλησε επανειλημμένως τήν κοινήν γνώμην καί τόν ημερήσιον τύπον κατά τό τελευταίον διάστημα.

ΑΘΗΝΑΙ, 25.— Τό κείμενον τής άνακοινώσεως άναφέρει ότι αί άρμόδιαι άρχαί έλαβον τά αναγκαία μέτρα διά τήν ταχείαν έπίλυσιν τού ζητήματος, ένώ οί ένδιαφερόμενοι καλούνται όπως προσέλθουν είς τάς αρμοδίας υπηρεσίας πρός παροχήν πληροφοριών καί συμπλήρωσιν τών σχετικών έγγράφων έντός τής ταχθείσης προθεσμίας. Ώς γνωστόν, τό θέμα άπησχόλησε επανειλημμένως τήν κοινήν γνώμην καί τόν ημερήσιον τύπον κατά τό τελευταίον διάστημα.

ΑΘΗΝΑΙ, 25.— Τό κείμενον τής άνακοινώσεως άναφέρει ότι αί άρμόδιαι άρχαί έλαβον τά αναγκαία μέτρα διά τήν ταχείαν έπίλυσιν τού ζητήματος, ένώ οί ένδιαφερόμενοι καλούνται όπως προσέλθουν είς τάς αρμοδίας υπηρεσίας πρός παροχήν πληροφοριών καί συμπλήρωσιν τών σχετικών έγγράφων έντός τής ταχθείσης προθεσμίας. Ώς γνωστόν, τό θέμα άπησχόλησε επανειλημμένως τήν κοινήν γνώμην καί τόν ημερήσιον τύπον κατά τό τελευταίον διάστημα.

ΚΟΙΝΩΝΙΚΑ ΜΕΤΡΑ

ΑΘΗΝΑΙ, 25.— Τό κείμενον τής άνακοινώσεως άναφέρει ότι αί άρμόδιαι άρχαί έλαβον τά αναγκαία μέτρα διά τήν ταχείαν έπίλυσιν τού ζητήματος, ένώ οί ένδιαφερόμενοι καλούνται όπως προσέλθουν είς τάς αρμοδίας υπηρεσίας πρός παροχήν πληροφοριών καί συμπλήρωσιν τών σχετικών έγγράφων έντός τής ταχθείσης προθεσμίας. Ώς γνωστόν, τό θέμα άπησχόλησε επανειλημμένως τήν κοινήν γνώμην καί τόν ημερήσιον τύπον κατά τό τελευταίον διάστημα.

ΑΘΗΝΑΙ, 25.— Τό κείμενον τής άνακοινώσεως άναφέρει ότι αί άρμόδιαι άρχαί έλαβον τά αναγκαία μέτρα διά τήν ταχείαν έπίλυσιν τού ζητήματος, ένώ οί ένδιαφερόμενοι καλούνται όπως προσέλθουν είς τάς αρμοδίας υπηρεσίας πρός παροχήν πληροφοριών καί συμπλήρωσιν τών σχετικών έγγράφων έντός τής ταχθείσης προθεσμίας. Ώς γνωστόν, τό θέμα άπησχόλησε επανειλημμένως τήν κοινήν γνώμην καί τόν ημερήσιον τύπον κατά τό τελευταίον διάστημα.

ΑΘΗΝΑΙ, 25.— Τό κείμενον τής άνακοινώσεως άναφέρει ότι αί άρμόδιαι άρχαί έλαβον τά αναγκαία μέτρα διά τήν ταχείαν έπίλυσιν τού ζητήματος, ένώ οί ένδιαφερόμενοι καλούνται όπως προσέλθουν είς τάς αρμοδίας υπηρεσίας πρός παροχήν πληροφοριών καί συμπλήρωσιν τών σχετικών έγγράφων έντός τής ταχθείσης προθεσμίας. Ώς γνωστόν, τό θέμα άπησχόλησε επανειλημμένως τήν κοινήν γνώμην καί τόν ημερήσιον τύπον κατά τό τελευταίον διάστημα.

ΤΑ ΠΑΡΑΓΩΓΙΚΑ ΕΡΓΑ

ΑΘΗΝΑΙ, 25.— Τό κείμενον τής άνακοινώσεως άναφέρει ότι αί άρμόδιαι άρχαί έλαβον τά αναγκαία μέτρα διά τήν ταχείαν έπίλυσιν τού ζητήματος, ένώ οί ένδιαφερόμενοι καλούνται όπως προσέλθουν είς τάς αρμοδίας υπηρεσίας πρός παροχήν πληροφοριών καί συμπλήρωσιν τών σχετικών έγγράφων έντός τής ταχθείσης προθεσμίας. Ώς γνωστόν, τό θέμα άπησχόλησε επανειλημμένως τήν κοινήν γνώμην καί τόν ημερήσιον τύπον κατά τό τελευταίον διάστημα.

ΑΘΗΝΑΙ, 25.— Τό κείμενον τής άνακοινώσεως άναφέρει ότι αί άρμόδιαι άρχαί έλαβον τά αναγκαία μέτρα διά τήν ταχείαν έπίλυσιν τού ζητήματος, ένώ οί ένδιαφερόμενοι καλούνται όπως προσέλθουν είς τάς αρμοδίας υπηρεσίας πρός παροχήν πληροφοριών καί συμπλήρωσιν τών σχετικών έγγράφων έντός τής ταχθείσης προθεσμίας. Ώς γνωστόν, τό θέμα άπησχόλησε επανειλημμένως τήν κοινήν γνώμην καί τόν ημερήσιον τύπον κατά τό τελευταίον διάστημα.

ΑΘΗΝΑΙ, 25.— Τό κείμενον τής άνακοινώσεως άναφέρει ότι αί άρμόδιαι άρχαί έλαβον τά αναγκαία μέτρα διά τήν ταχείαν έπίλυσιν τού ζητήματος, ένώ οί ένδιαφερόμενοι καλούνται όπως προσέλθουν είς τάς αρμοδίας υπηρεσίας πρός παροχήν πληροφοριών καί συμπλήρωσιν τών σχετικών έγγράφων έντός τής ταχθείσης προθεσμίας. Ώς γνωστόν, τό θέμα άπησχόλησε επανειλημμένως τήν κοινήν γνώμην καί τόν ημερήσιον τύπον κατά τό τελευταίον διάστημα.

ΕΥΧΑΙ ΤΟΥ ΑΡΧΙΕΠΙΣΚΟΠΟΥ

ΑΘΗΝΑΙ, 25.— Τό κείμενον τής άνακοινώσεως άναφέρει ότι αί άρμόδιαι άρχαί έλαβον τά αναγκαία μέτρα διά τήν ταχείαν έπίλυσιν τού ζητήματος, ένώ οί ένδιαφερόμενοι καλούνται όπως προσέλθουν είς τάς αρμοδίας υπηρεσίας πρός παροχήν πληροφοριών καί συμπλήρωσιν τών σχετικών έγγράφων έντός τής ταχθείσης προθεσμίας. Ώς γνωστόν, τό θέμα άπησχόλησε επανειλημμένως τήν κοινήν γνώμην καί τόν ημερήσιον τύπον κατά τό τελευταίον διάστημα.

ΑΘΗΝΑΙ, 25.— Τό κείμενον τής άνακοινώσεως άναφέρει ότι αί άρμόδιαι άρχαί έλαβον τά αναγκαία μέτρα διά τήν ταχείαν έπίλυσιν τού ζητήματος, ένώ οί ένδιαφερόμενοι καλούνται όπως προσέλθουν είς τάς αρμοδίας υπηρεσίας πρός παροχήν πληροφοριών καί συμπλήρωσιν τών σχετικών έγγράφων έντός τής ταχθείσης προθεσμίας. Ώς γνωστόν, τό θέμα άπησχόλησε επανειλημμένως τήν κοινήν γνώμην καί τόν ημερήσιον τύπον κατά τό τελευταίον διάστημα.

ΠΟΣ ΩΡΓΑΝΩΘΗ Η «ΥΠΟΔΟΧΗ»

ΑΘΗΝΑΙ, 25.— Τό κείμενον τής άνακοινώσεως άναφέρει ότι αί άρμόδιαι άρχαί έλαβον τά αναγκαία μέτρα διά τήν ταχείαν έπίλυσιν τού ζητήματος, ένώ οί ένδιαφερόμενοι καλούνται όπως προσέλθουν είς τάς αρμοδίας υπηρεσίας πρός παροχήν πληροφοριών καί συμπλήρωσιν τών σχετικών έγγράφων έντός τής ταχθείσης προθεσμίας. Ώς γνωστόν, τό θέμα άπησχόλησε επανειλημμένως τήν κοινήν γνώμην καί τόν ημερήσιον τύπον κατά τό τελευταίον διάστημα.

ΑΘΗΝΑΙ, 25.— Τό κείμενον τής άνακοινώσεως άναφέρει ότι αί άρμόδιαι άρχαί έλαβον τά αναγκαία μέτρα διά τήν ταχείαν έπίλυσιν τού ζητήματος, ένώ οί ένδιαφερόμενοι καλούνται όπως προσέλθουν είς τάς αρμοδίας υπηρεσίας πρός παροχήν πληροφοριών καί συμπλήρωσιν τών σχετικών έγγράφων έντός τής ταχθείσης προθεσμίας. Ώς γνωστόν, τό θέμα άπησχόλησε επανειλημμένως τήν κοινήν γνώμην καί τόν ημερήσιον τύπον κατά τό τελευταίον διάστημα.

ΑΘΗΝΑΙ, 25.— Τό κείμενον τής άνακοινώσεως άναφέρει ότι αί άρμόδιαι άρχαί έλαβον τά αναγκαία μέτρα διά τήν ταχείαν έπίλυσιν τού ζητήματος, ένώ οί ένδιαφερόμενοι καλούνται όπως προσέλθουν είς τάς αρμοδίας υπηρεσίας πρός παροχήν πληροφοριών καί συμπλήρωσιν τών σχετικών έγγράφων έντός τής ταχθείσης προθεσμίας. Ώς γνωστόν, τό θέμα άπησχόλησε επανειλημμένως τήν κοινήν γνώμην καί τόν ημερήσιον τύπον κατά τό τελευταίον διάστημα.

ΠΙΕΣΕΙΣ ΔΙΑ ΤΗΝ ΥΠΟΔΟΧΗΝ

ΑΘΗΝΑΙ, 25.— Τό κείμενον τής άνακοινώσεως άναφέρει ότι αί άρμόδιαι άρχαί έλαβον τά αναγκαία μέτρα διά τήν ταχείαν έπίλυσιν τού ζητήματος, ένώ οί ένδιαφερόμενοι καλούνται όπως προσέλθουν είς τάς αρμοδίας υπηρεσίας πρός παροχήν πληροφοριών καί συμπλήρωσιν τών σχετικών έγγράφων έντός τής ταχθείσης προθεσμίας. Ώς γνωστόν, τό θέμα άπησχόλησε επανειλημμένως τήν κοινήν γνώμην καί τόν ημερήσιον τύπον κατά τό τελευταίον διάστημα.

ΑΘΗΝΑΙ, 25.— Τό κείμενον τής άνακοινώσεως άναφέρει ότι αί άρμόδιαι άρχαί έλαβον τά αναγκαία μέτρα διά τήν ταχείαν έπίλυσιν τού ζητήματος, ένώ οί ένδιαφερόμενοι καλούνται όπως προσέλθουν είς τάς αρμοδίας υπηρεσίας πρός παροχήν πληροφοριών καί συμπλήρωσιν τών σχετικών έγγράφων έντός τής ταχθείσης προθεσμίας. Ώς γνωστόν, τό θέμα άπησχόλησε επανειλημμένως τήν κοινήν γνώμην καί τόν ημερήσιον τύπον κατά τό τελευταίον διάστημα.

ΑΘΗΝΑΙ, 25.— Τό κείμενον τής άνακοινώσεως άναφέρει ότι αί άρμόδιαι άρχαί έλαβον τά αναγκαία μέτρα διά τήν ταχείαν έπίλυσιν τού ζητήματος, ένώ οί ένδιαφερόμενοι καλούνται όπως προσέλθουν είς τάς αρμοδίας υπηρεσίας πρός παροχήν πληροφοριών καί συμπλήρωσιν τών σχετικών έγγράφων έντός τής ταχθείσης προθεσμίας. Ώς γνωστόν, τό θέμα άπησχόλησε επανειλημμένως τήν κοινήν γνώμην καί τόν ημερήσιον τύπον κατά τό τελευταίον διάστημα.

ΑΘΗΝΑΙ, 25.— Τό κείμενον τής άνακοινώσεως άναφέρει ότι αί άρμόδιαι άρχαί έλαβον τά αναγκαία μέτρα διά τήν ταχείαν έπίλυσιν τού ζητήματος, ένώ οί ένδιαφερόμενοι καλούνται όπως προσέλθουν είς τάς αρμοδίας υπηρεσίας πρός παροχήν πληροφοριών καί συμπλήρωσιν τών σχετικών έγγράφων έντός τής ταχθείσης προθεσμίας. Ώς γνωστόν, τό θέμα άπησχόλησε επανειλημμένως τήν κοινήν γνώμην καί τόν ημερήσιον τύπον κατά τό τελευταίον διάστημα.

ΑΘΗΝΑΙ, 25.— Τό κείμενον τής άνακοινώσεως άναφέρει ότι αί άρμόδιαι άρχαί έλαβον τά αναγκαία μέτρα διά τήν ταχείαν έπίλυσιν τού ζητήματος, ένώ οί ένδιαφερόμενοι καλούνται όπως προσέλθουν είς τάς αρμοδίας υπηρεσίας πρός παροχήν πληροφοριών καί συμπλήρωσιν τών σχετικών έγγράφων έντός τής ταχθείσης προθεσμίας. Ώς γνωστόν, τό θέμα άπησχόλησε επανειλημμένως τήν κοινήν γνώμην καί τόν ημερήσιον τύπον κατά τό τελευταίον διάστημα.

ΑΘΗΝΑΙ, 25.— Τό κείμενον τής άνακοινώσεως άναφέρει ότι αί άρμόδιαι άρχαί έλαβον τά αναγκαία μέτρα διά τήν ταχείαν έπίλυσιν τού ζητήματος, ένώ οί ένδιαφερόμενοι καλούνται όπως προσέλθουν είς τάς αρμοδίας υπηρεσίας πρός παροχήν πληροφοριών καί συμπλήρωσιν τών σχετικών έγγράφων έντός τής ταχθείσης προθεσμίας. Ώς γνωστόν, τό θέμα άπησχόλησε επανειλημμένως τήν κοινήν γνώμην καί τόν ημερήσιον τύπον κατά τό τελευταίον διάστημα.

ΑΘΗΝΑΙ, 25.— Τό κείμενον τής άνακοινώσεως άναφέρει ότι αί άρμόδιαι άρχαί έλαβον τά αναγκαία μέτρα διά τήν ταχείαν έπίλυσιν τού ζητήματος, ένώ οί ένδιαφερόμενοι καλούνται όπως προσέλθουν είς τάς αρμοδίας υπηρεσίας πρός παροχήν πληροφοριών καί συμπλήρωσιν τών σχετικών έγγράφων έντός τής ταχθείσης προθεσμίας. Ώς γνωστόν, τό θέμα άπησχόλησε επανειλημμένως τήν κοινήν γνώμην καί τόν ημερήσιον τύπον κατά τό τελευταίον διάστημα.

ΑΘΗΝΑΙ, 25.— Τό κείμενον τής άνακοινώσεως άναφέρει ότι αί άρμόδιαι άρχαί έλαβον τά αναγκαία μέτρα διά τήν ταχείαν έπίλυσιν τού ζητήματος, ένώ οί ένδιαφερόμενοι καλούνται όπως προσέλθουν είς τάς αρμοδίας υπηρεσίας πρός παροχήν πληροφοριών καί συμπλήρωσιν τών σχετικών έγγράφων έντός τής ταχθείσης προθεσμίας. Ώς γνωστόν, τό θέμα άπησχόλησε επανειλημμένως τήν κοινήν γνώμην καί τόν ημερήσιον τύπον κατά τό τελευταίον διάστημα.

ΑΘΗΝΑΙ, 25.— Τό κείμενον τής άνακοινώσεως άναφέρει ότι αί άρμόδιαι άρχαί έλαβον τά αναγκαία μέτρα διά τήν ταχείαν έπίλυσιν τού ζητήματος, ένώ οί ένδιαφερόμενοι καλούνται όπως προσέλθουν είς τάς αρμοδίας υπηρεσίας πρός παροχήν πληροφοριών καί συμπλήρωσιν τών σχετικών έγγράφων έντός τής ταχθείσης προθεσμίας. Ώς γνωστόν, τό θέμα άπησχόλησε επανειλημμένως τήν κοινήν γνώμην καί τόν ημερήσιον τύπον κατά τό τελευταίον διάστημα.

ΑΘΗΝΑΙ, 25.— Τό κείμενον τής άνακοινώσεως άναφέρει ότι αί άρμόδιαι άρχαί έλαβον τά αναγκαία μέτρα διά τήν ταχείαν έπίλυσιν τού ζητήματος, ένώ οί ένδιαφερόμενοι καλούνται όπως προσέλθουν είς τάς αρμοδίας υπηρεσίας πρός παροχήν πληροφοριών καί συμπλήρωσιν τών σχετικών έγγράφων έντός τής ταχθείσης προθεσμίας. Ώς γνωστόν, τό θέμα άπησχόλησε επανειλημμένως τήν κοινήν γνώμην καί τόν ημερήσιον τύπον κατά τό τελευταίον διάστημα.
